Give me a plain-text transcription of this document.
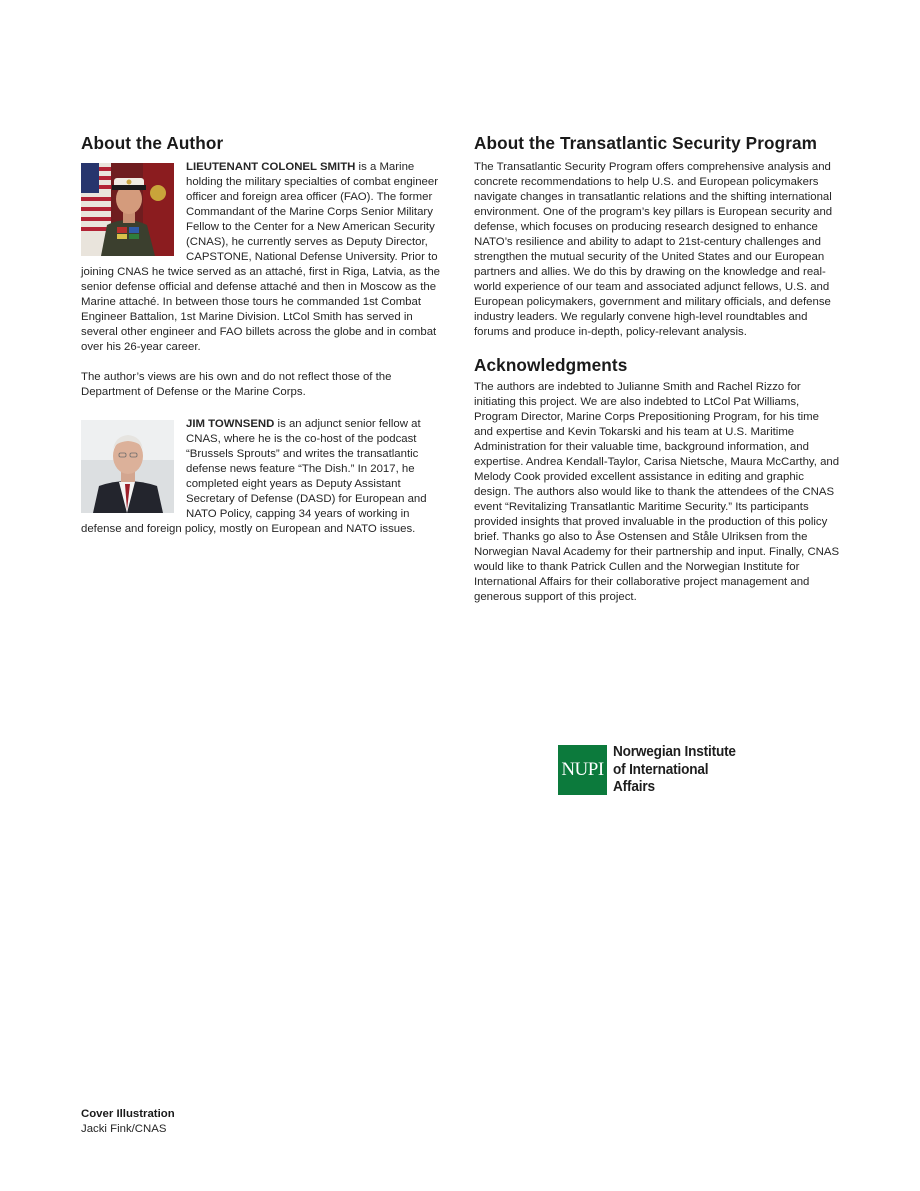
About the Author

LIEUTENANT COLONEL SMITH is a Marine holding the military specialties of combat engineer officer and foreign area officer (FAO). The former Commandant of the Marine Corps Senior Military Fellow to the Center for a New American Security (CNAS), he currently serves as Deputy Director, CAPSTONE, National Defense University. Prior to joining CNAS he twice served as an attaché, first in Riga, Latvia, as the senior defense official and defense attaché and then in Moscow as the Marine attaché. In between those tours he commanded 1st Combat Engineer Battalion, 1st Marine Division. LtCol Smith has served in several other engineer and FAO billets across the globe and in combat over his 26-year career.

The author’s views are his own and do not reflect those of the Department of Defense or the Marine Corps.

JIM TOWNSEND is an adjunct senior fellow at CNAS, where he is the co-host of the podcast “Brussels Sprouts” and writes the transatlantic defense news feature “The Dish.” In 2017, he completed eight years as Deputy Assistant Secretary of Defense (DASD) for European and NATO Policy, capping 34 years of working in defense and foreign policy, mostly on European and NATO issues.

About the Transatlantic Security Program

The Transatlantic Security Program offers comprehensive analysis and concrete recommendations to help U.S. and European policymakers navigate changes in transatlantic relations and the shifting international environment. One of the program’s key pillars is European security and defense, which focuses on producing research designed to enhance NATO’s resilience and ability to adapt to 21st-century challenges and strengthen the mutual security of the United States and our European partners and allies. We do this by drawing on the knowledge and real-world experience of our team and associated adjunct fellows, U.S. and European policymakers, government and military officials, and defense industry leaders. We regularly convene high-level roundtables and forums and produce in-depth, policy-relevant analysis.

Acknowledgments

The authors are indebted to Julianne Smith and Rachel Rizzo for initiating this project. We are also indebted to LtCol Pat Williams, Program Director, Marine Corps Prepositioning Program, for his time and expertise and Kevin Tokarski and his team at U.S. Maritime Administration for their valuable time, background information, and expertise. Andrea Kendall-Taylor, Carisa Nietsche, Maura McCarthy, and Melody Cook provided excellent assistance in editing and graphic design. The authors also would like to thank the attendees of the CNAS event “Revitalizing Transatlantic Maritime Security.” Its participants provided insights that proved invaluable in the production of this policy brief. Thanks go also to Åse Ostensen and Ståle Ulriksen from the Norwegian Naval Academy for their partnership and input. Finally, CNAS would like to thank Patrick Cullen and the Norwegian Institute for International Affairs for their collaborative project management and generous support of this project.

NUPI
Norwegian Institute
of International
Affairs
Cover Illustration
Jacki Fink/CNAS
